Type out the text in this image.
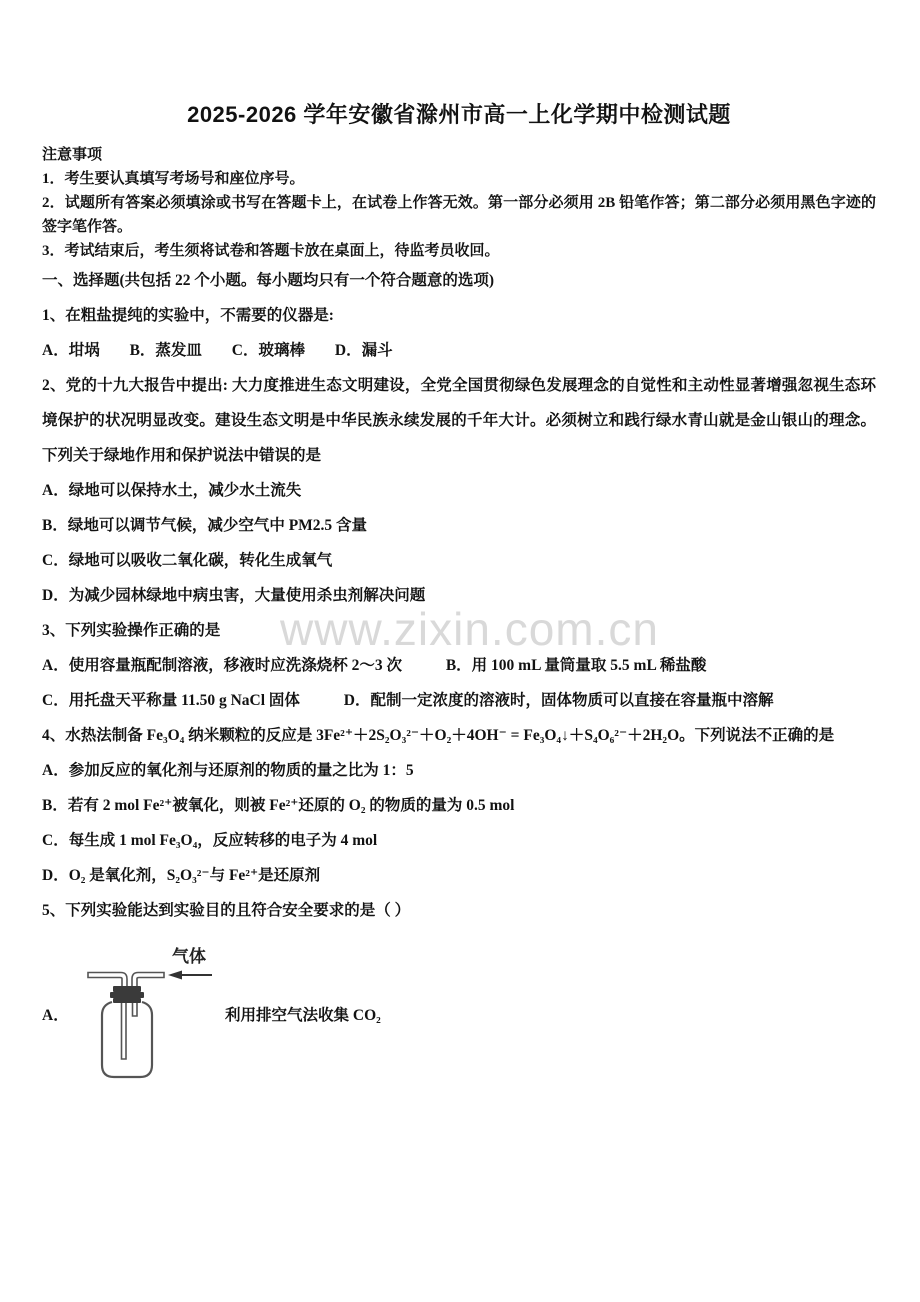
www.zixin.com.cn
2025-2026 学年安徽省滁州市高一上化学期中检测试题

注意事项

1．考生要认真填写考场号和座位序号。

2．试题所有答案必须填涂或书写在答题卡上，在试卷上作答无效。第一部分必须用 2B 铅笔作答；第二部分必须用黑色字迹的签字笔作答。

3．考试结束后，考生须将试卷和答题卡放在桌面上，待监考员收回。

一、选择题(共包括 22 个小题。每小题均只有一个符合题意的选项)

1、在粗盐提纯的实验中，不需要的仪器是:

A．坩埚 B．蒸发皿 C．玻璃棒 D．漏斗

2、党的十九大报告中提出: 大力度推进生态文明建设，全党全国贯彻绿色发展理念的自觉性和主动性显著增强忽视生态环境保护的状况明显改变。建设生态文明是中华民族永续发展的千年大计。必须树立和践行绿水青山就是金山银山的理念。下列关于绿地作用和保护说法中错误的是

A．绿地可以保持水土，减少水土流失

B．绿地可以调节气候，减少空气中 PM2.5 含量

C．绿地可以吸收二氧化碳，转化生成氧气

D．为减少园林绿地中病虫害，大量使用杀虫剂解决问题

3、下列实验操作正确的是

A．使用容量瓶配制溶液，移液时应洗涤烧杯 2～3 次	B．用 100 mL 量筒量取 5.5 mL 稀盐酸

C．用托盘天平称量 11.50 g NaCl 固体	D．配制一定浓度的溶液时，固体物质可以直接在容量瓶中溶解

4、水热法制备 Fe₃O₄ 纳米颗粒的反应是 3Fe²⁺＋2S₂O₃²⁻＋O₂＋4OH⁻ = Fe₃O₄↓＋S₄O₆²⁻＋2H₂O。下列说法不正确的是

A．参加反应的氧化剂与还原剂的物质的量之比为 1：5

B．若有 2 mol Fe²⁺被氧化，则被 Fe²⁺还原的 O₂ 的物质的量为 0.5 mol

C．每生成 1 mol Fe₃O₄，反应转移的电子为 4 mol

D．O₂ 是氧化剂，S₂O₃²⁻与 Fe²⁺是还原剂

5、下列实验能达到实验目的且符合安全要求的是（ ）

A．
气体
利用排空气法收集 CO₂
